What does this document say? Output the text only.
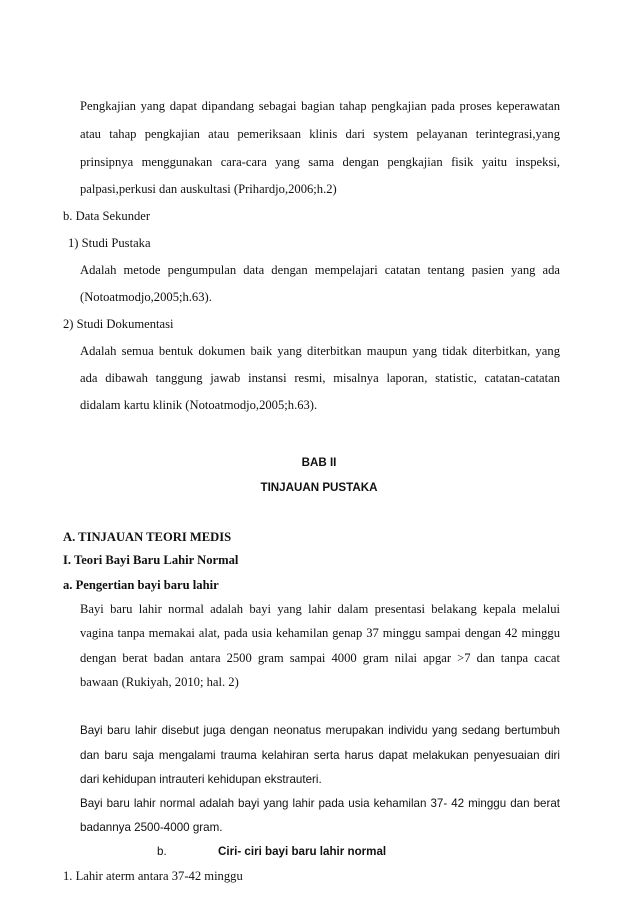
Pengkajian yang dapat dipandang sebagai bagian tahap pengkajian pada proses keperawatan
atau tahap pengkajian atau pemeriksaan klinis dari system pelayanan terintegrasi,yang
prinsipnya menggunakan cara-cara yang sama dengan pengkajian fisik yaitu inspeksi,
palpasi,perkusi dan auskultasi (Prihardjo,2006;h.2)
b. Data Sekunder
1) Studi Pustaka
Adalah metode pengumpulan data dengan mempelajari catatan tentang pasien yang ada
(Notoatmodjo,2005;h.63).
2) Studi Dokumentasi
Adalah semua bentuk dokumen baik yang diterbitkan maupun yang tidak diterbitkan, yang
ada dibawah tanggung jawab instansi resmi, misalnya laporan, statistic, catatan-catatan
didalam kartu klinik (Notoatmodjo,2005;h.63).
BAB II
TINJAUAN PUSTAKA
A. TINJAUAN TEORI MEDIS
I. Teori Bayi Baru Lahir Normal
a. Pengertian bayi baru lahir
Bayi baru lahir normal adalah bayi yang lahir dalam presentasi belakang kepala melalui
vagina tanpa memakai alat, pada usia kehamilan genap 37 minggu sampai dengan 42 minggu
dengan berat badan antara 2500 gram sampai 4000 gram nilai apgar >7 dan tanpa cacat
bawaan (Rukiyah, 2010; hal. 2)
Bayi baru lahir disebut juga dengan neonatus merupakan individu yang sedang bertumbuh
dan baru saja mengalami trauma kelahiran serta harus dapat melakukan penyesuaian diri
dari kehidupan intrauteri kehidupan ekstrauteri.
Bayi baru lahir normal adalah bayi yang lahir pada usia kehamilan 37- 42 minggu dan berat
badannya 2500-4000 gram.
b.	Ciri- ciri bayi baru lahir normal
1. Lahir aterm antara 37-42 minggu
